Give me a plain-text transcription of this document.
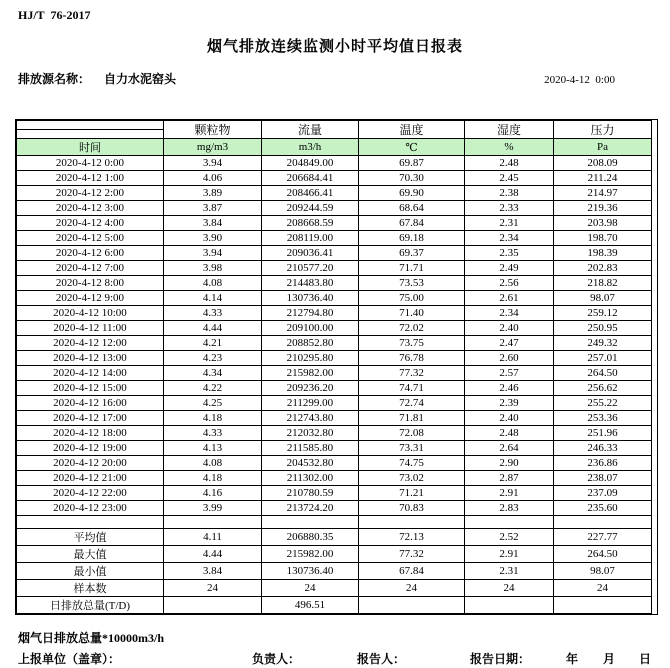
HJ/T  76-2017
烟气排放连续监测小时平均值日报表
排放源名称： 自力水泥窑头	2020-4-12  0:00
	颗粒物	流量	温度	湿度	压力

时间	mg/m3	m3/h	℃	%	Pa
2020-4-12 0:00	3.94	204849.00	69.87	2.48	208.09
2020-4-12 1:00	4.06	206684.41	70.30	2.45	211.24
2020-4-12 2:00	3.89	208466.41	69.90	2.38	214.97
2020-4-12 3:00	3.87	209244.59	68.64	2.33	219.36
2020-4-12 4:00	3.84	208668.59	67.84	2.31	203.98
2020-4-12 5:00	3.90	208119.00	69.18	2.34	198.70
2020-4-12 6:00	3.94	209036.41	69.37	2.35	198.39
2020-4-12 7:00	3.98	210577.20	71.71	2.49	202.83
2020-4-12 8:00	4.08	214483.80	73.53	2.56	218.82
2020-4-12 9:00	4.14	130736.40	75.00	2.61	98.07
2020-4-12 10:00	4.33	212794.80	71.40	2.34	259.12
2020-4-12 11:00	4.44	209100.00	72.02	2.40	250.95
2020-4-12 12:00	4.21	208852.80	73.75	2.47	249.32
2020-4-12 13:00	4.23	210295.80	76.78	2.60	257.01
2020-4-12 14:00	4.34	215982.00	77.32	2.57	264.50
2020-4-12 15:00	4.22	209236.20	74.71	2.46	256.62
2020-4-12 16:00	4.25	211299.00	72.74	2.39	255.22
2020-4-12 17:00	4.18	212743.80	71.81	2.40	253.36
2020-4-12 18:00	4.33	212032.80	72.08	2.48	251.96
2020-4-12 19:00	4.13	211585.80	73.31	2.64	246.33
2020-4-12 20:00	4.08	204532.80	74.75	2.90	236.86
2020-4-12 21:00	4.18	211302.00	73.02	2.87	238.07
2020-4-12 22:00	4.16	210780.59	71.21	2.91	237.09
2020-4-12 23:00	3.99	213724.20	70.83	2.83	235.60

平均值	4.11	206880.35	72.13	2.52	227.77
最大值	4.44	215982.00	77.32	2.91	264.50
最小值	3.84	130736.40	67.84	2.31	98.07
样本数	24	24	24	24	24
日排放总量(T/D)		496.51			
烟气日排放总量*10000m3/h
上报单位（盖章）：	负责人：	报告人：	报告日期：	年 月 日
